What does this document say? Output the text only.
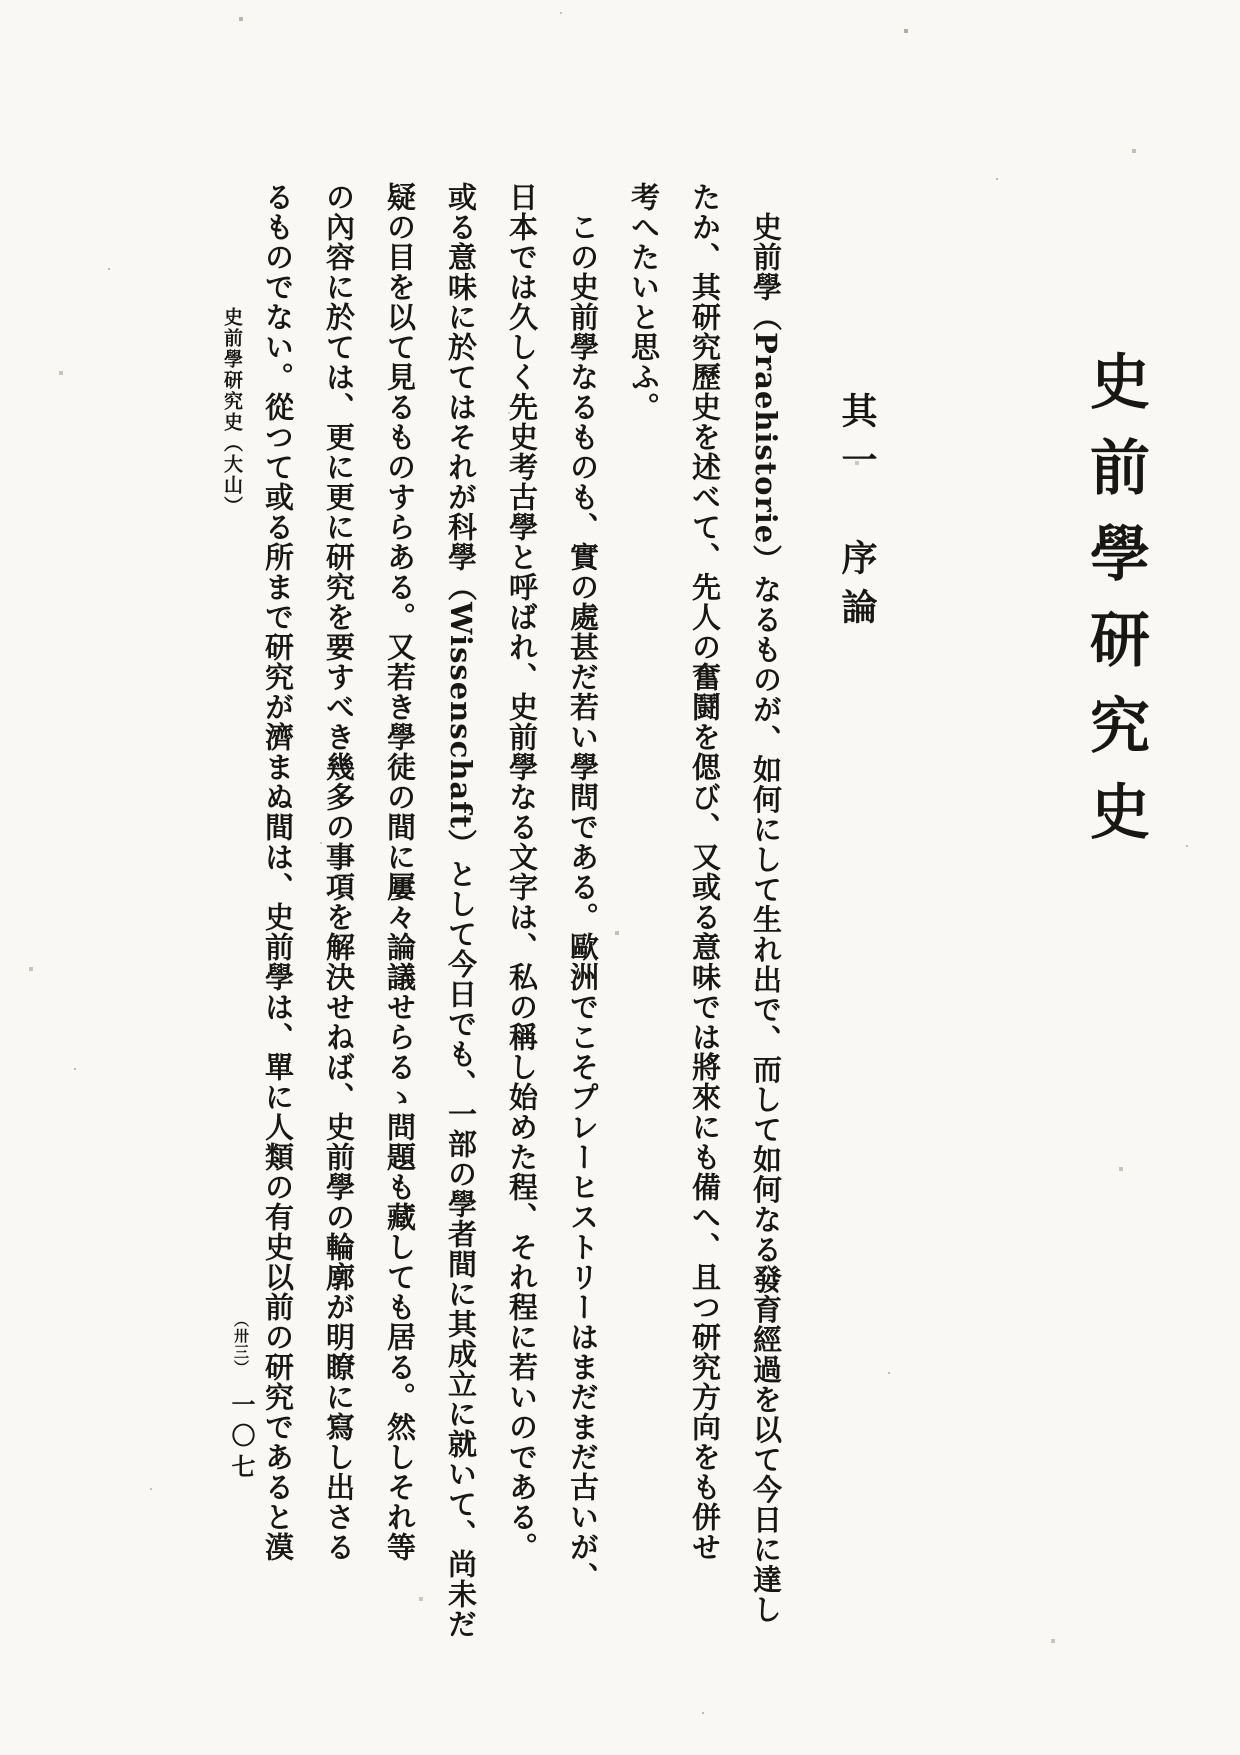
史前學研究史
其一　序論
　史前學（Praehistorie）なるものが、如何にして生れ出で、而して如何なる發育經過を以て今日に達し
たか、其研究歷史を述べて、先人の奮鬪を偲び、又或る意味では將來にも備へ、且つ研究方向をも併せ
考へたいと思ふ。
　この史前學なるものも、實の處甚だ若い學問である。歐洲でこそプレーヒストリーはまだまだ古いが、
日本では久しく先史考古學と呼ばれ、史前學なる文字は、私の稱し始めた程、それ程に若いのである。
或る意味に於てはそれが科學（Wissenschaft）として今日でも、一部の學者間に其成立に就いて、尚未だ
疑の目を以て見るものすらある。又若き學徒の間に屢々論議せらるゝ問題も藏しても居る。然しそれ等
の內容に於ては、更に更に研究を要すべき幾多の事項を解決せねば、史前學の輪廓が明瞭に寫し出さる
るものでない。從つて或る所まで研究が濟まぬ間は、史前學は、單に人類の有史以前の研究であると漠
史前學研究史（大山）
（卅三）
一〇七
